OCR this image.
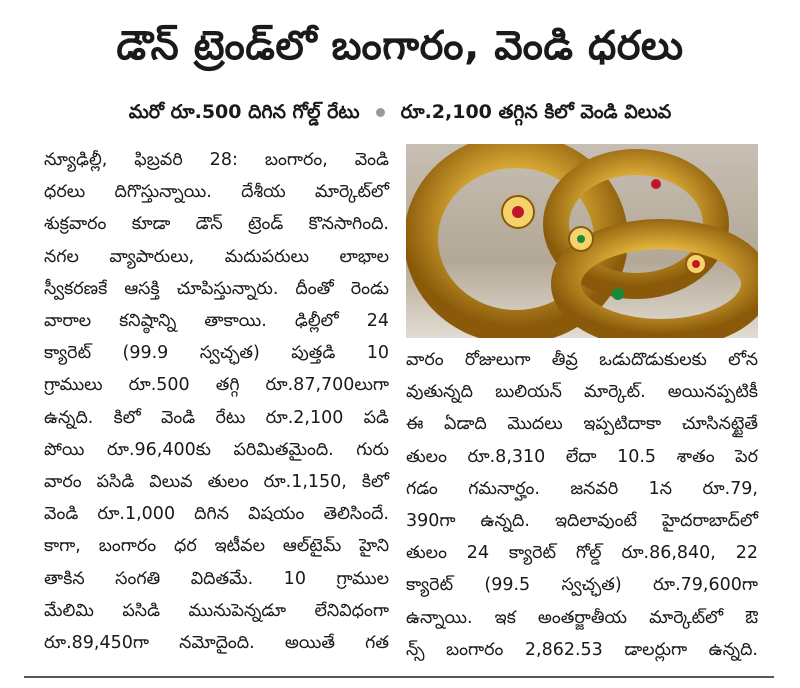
డౌన్ ట్రెండ్‌లో బంగారం, వెండి ధరలు
మరో రూ.500 దిగిన గోల్డ్ రేటు రూ.2,100 తగ్గిన కిలో వెండి విలువ

న్యూఢిల్లీ, ఫిబ్రవరి 28: బంగారం, వెండి

ధరలు దిగొస్తున్నాయి. దేశీయ మార్కెట్‌లో

శుక్రవారం కూడా డౌన్ ట్రెండ్ కొనసాగింది.

నగల వ్యాపారులు, మదుపరులు లాభాల

స్వీకరణకే ఆసక్తి చూపిస్తున్నారు. దీంతో రెండు

వారాల కనిష్ఠాన్ని తాకాయి. ఢిల్లీలో 24

క్యారెట్ (99.9 స్వచ్ఛత) పుత్తడి 10

గ్రాములు రూ.500 తగ్గి రూ.87,700లుగా

ఉన్నది. కిలో వెండి రేటు రూ.2,100 పడి

పోయి రూ.96,400కు పరిమితమైంది. గురు

వారం పసిడి విలువ తులం రూ.1,150, కిలో

వెండి రూ.1,000 దిగిన విషయం తెలిసిందే.

కాగా, బంగారం ధర ఇటీవల ఆల్‌టైమ్ హైని

తాకిన సంగతి విదితమే. 10 గ్రాముల

మేలిమి పసిడి మునుపెన్నడూ లేనివిధంగా

రూ.89,450గా నమోదైంది. అయితే గత

వారం రోజులుగా తీవ్ర ఒడుదొడుకులకు లోన

వుతున్నది బులియన్ మార్కెట్. అయినప్పటికీ

ఈ ఏడాది మొదలు ఇప్పటిదాకా చూసినట్టైతే

తులం రూ.8,310 లేదా 10.5 శాతం పెర

గడం గమనార్హం. జనవరి 1న రూ.79,

390గా ఉన్నది. ఇదిలావుంటే హైదరాబాద్‌లో

తులం 24 క్యారెట్ గోల్డ్ రూ.86,840, 22

క్యారెట్ (99.5 స్వచ్ఛత) రూ.79,600గా

ఉన్నాయి. ఇక అంతర్జాతీయ మార్కెట్‌లో ఔ

న్స్ బంగారం 2,862.53 డాలర్లుగా ఉన్నది.
